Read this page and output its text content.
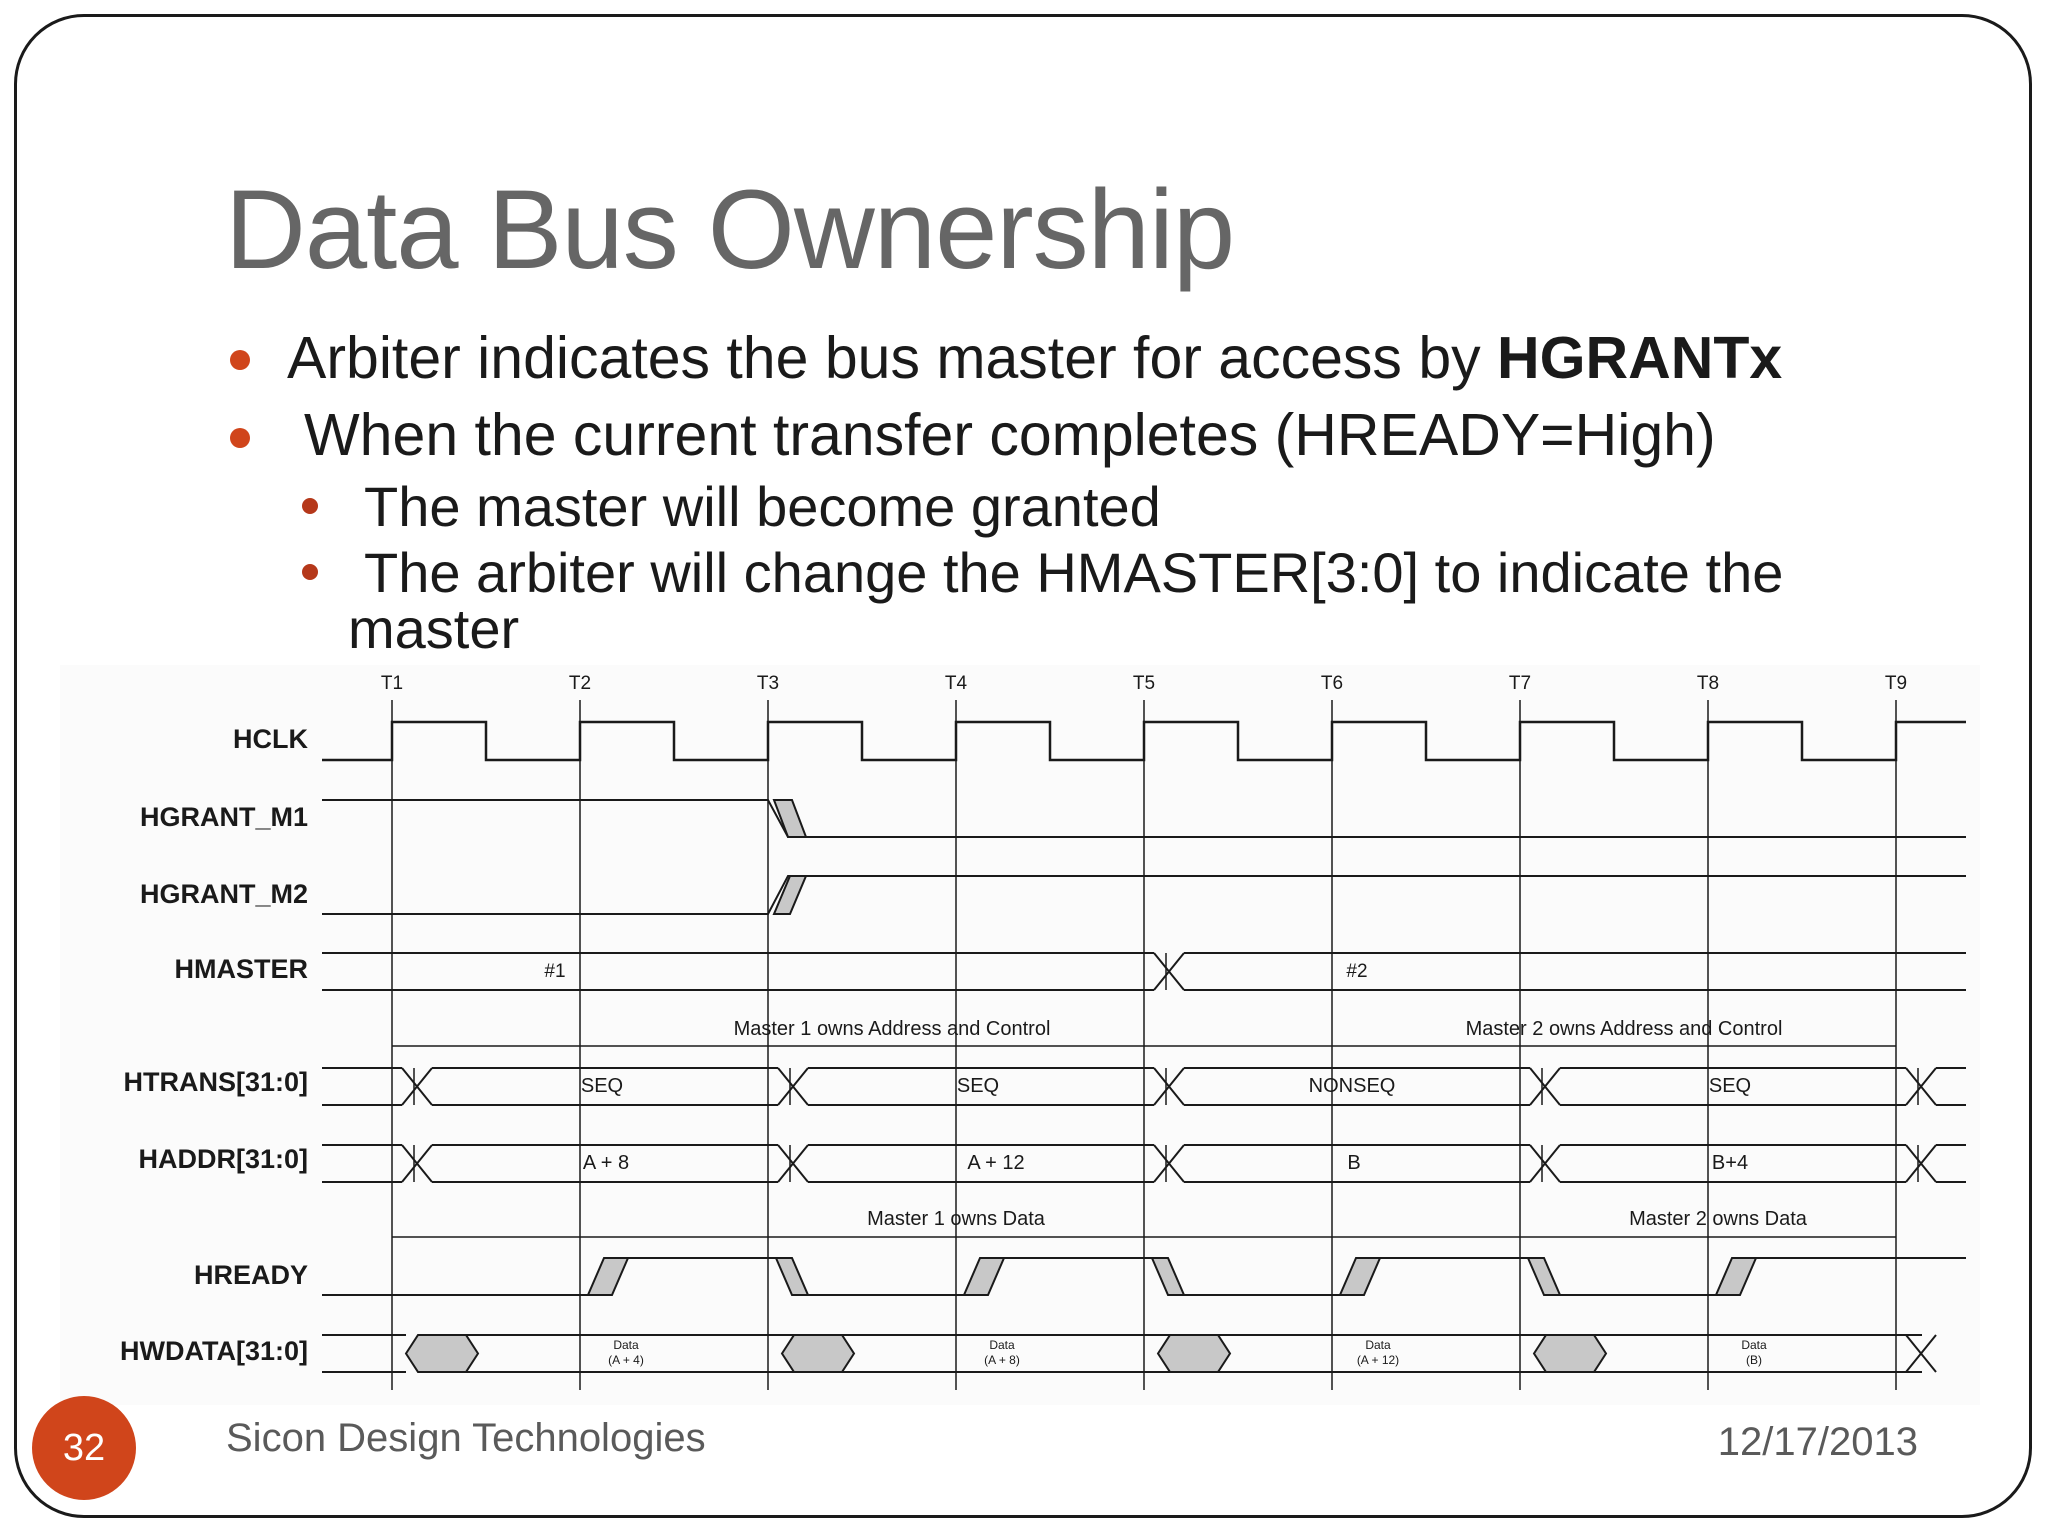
Data Bus Ownership
Arbiter indicates the bus master for access by HGRANTx
When the current transfer completes (HREADY=High)
The master will become granted
The arbiter will change the HMASTER[3:0] to indicate the
master
T1	T2	T3	T4	T5	T6	T7	T8	T9
HCLK
HGRANT_M1
HGRANT_M2
HMASTER
HTRANS[31:0]
HADDR[31:0]
HREADY
HWDATA[31:0]
#1	#2
Master 1 owns Address and Control	Master 2 owns Address and Control
SEQ	SEQ	NONSEQ	SEQ
A + 8	A + 12	B	B+4
Master 1 owns Data	Master 2 owns Data
Data
(A + 4)
Data
(A + 8)
Data
(A + 12)
Data
(B)
32	Sicon Design Technologies	12/17/2013
